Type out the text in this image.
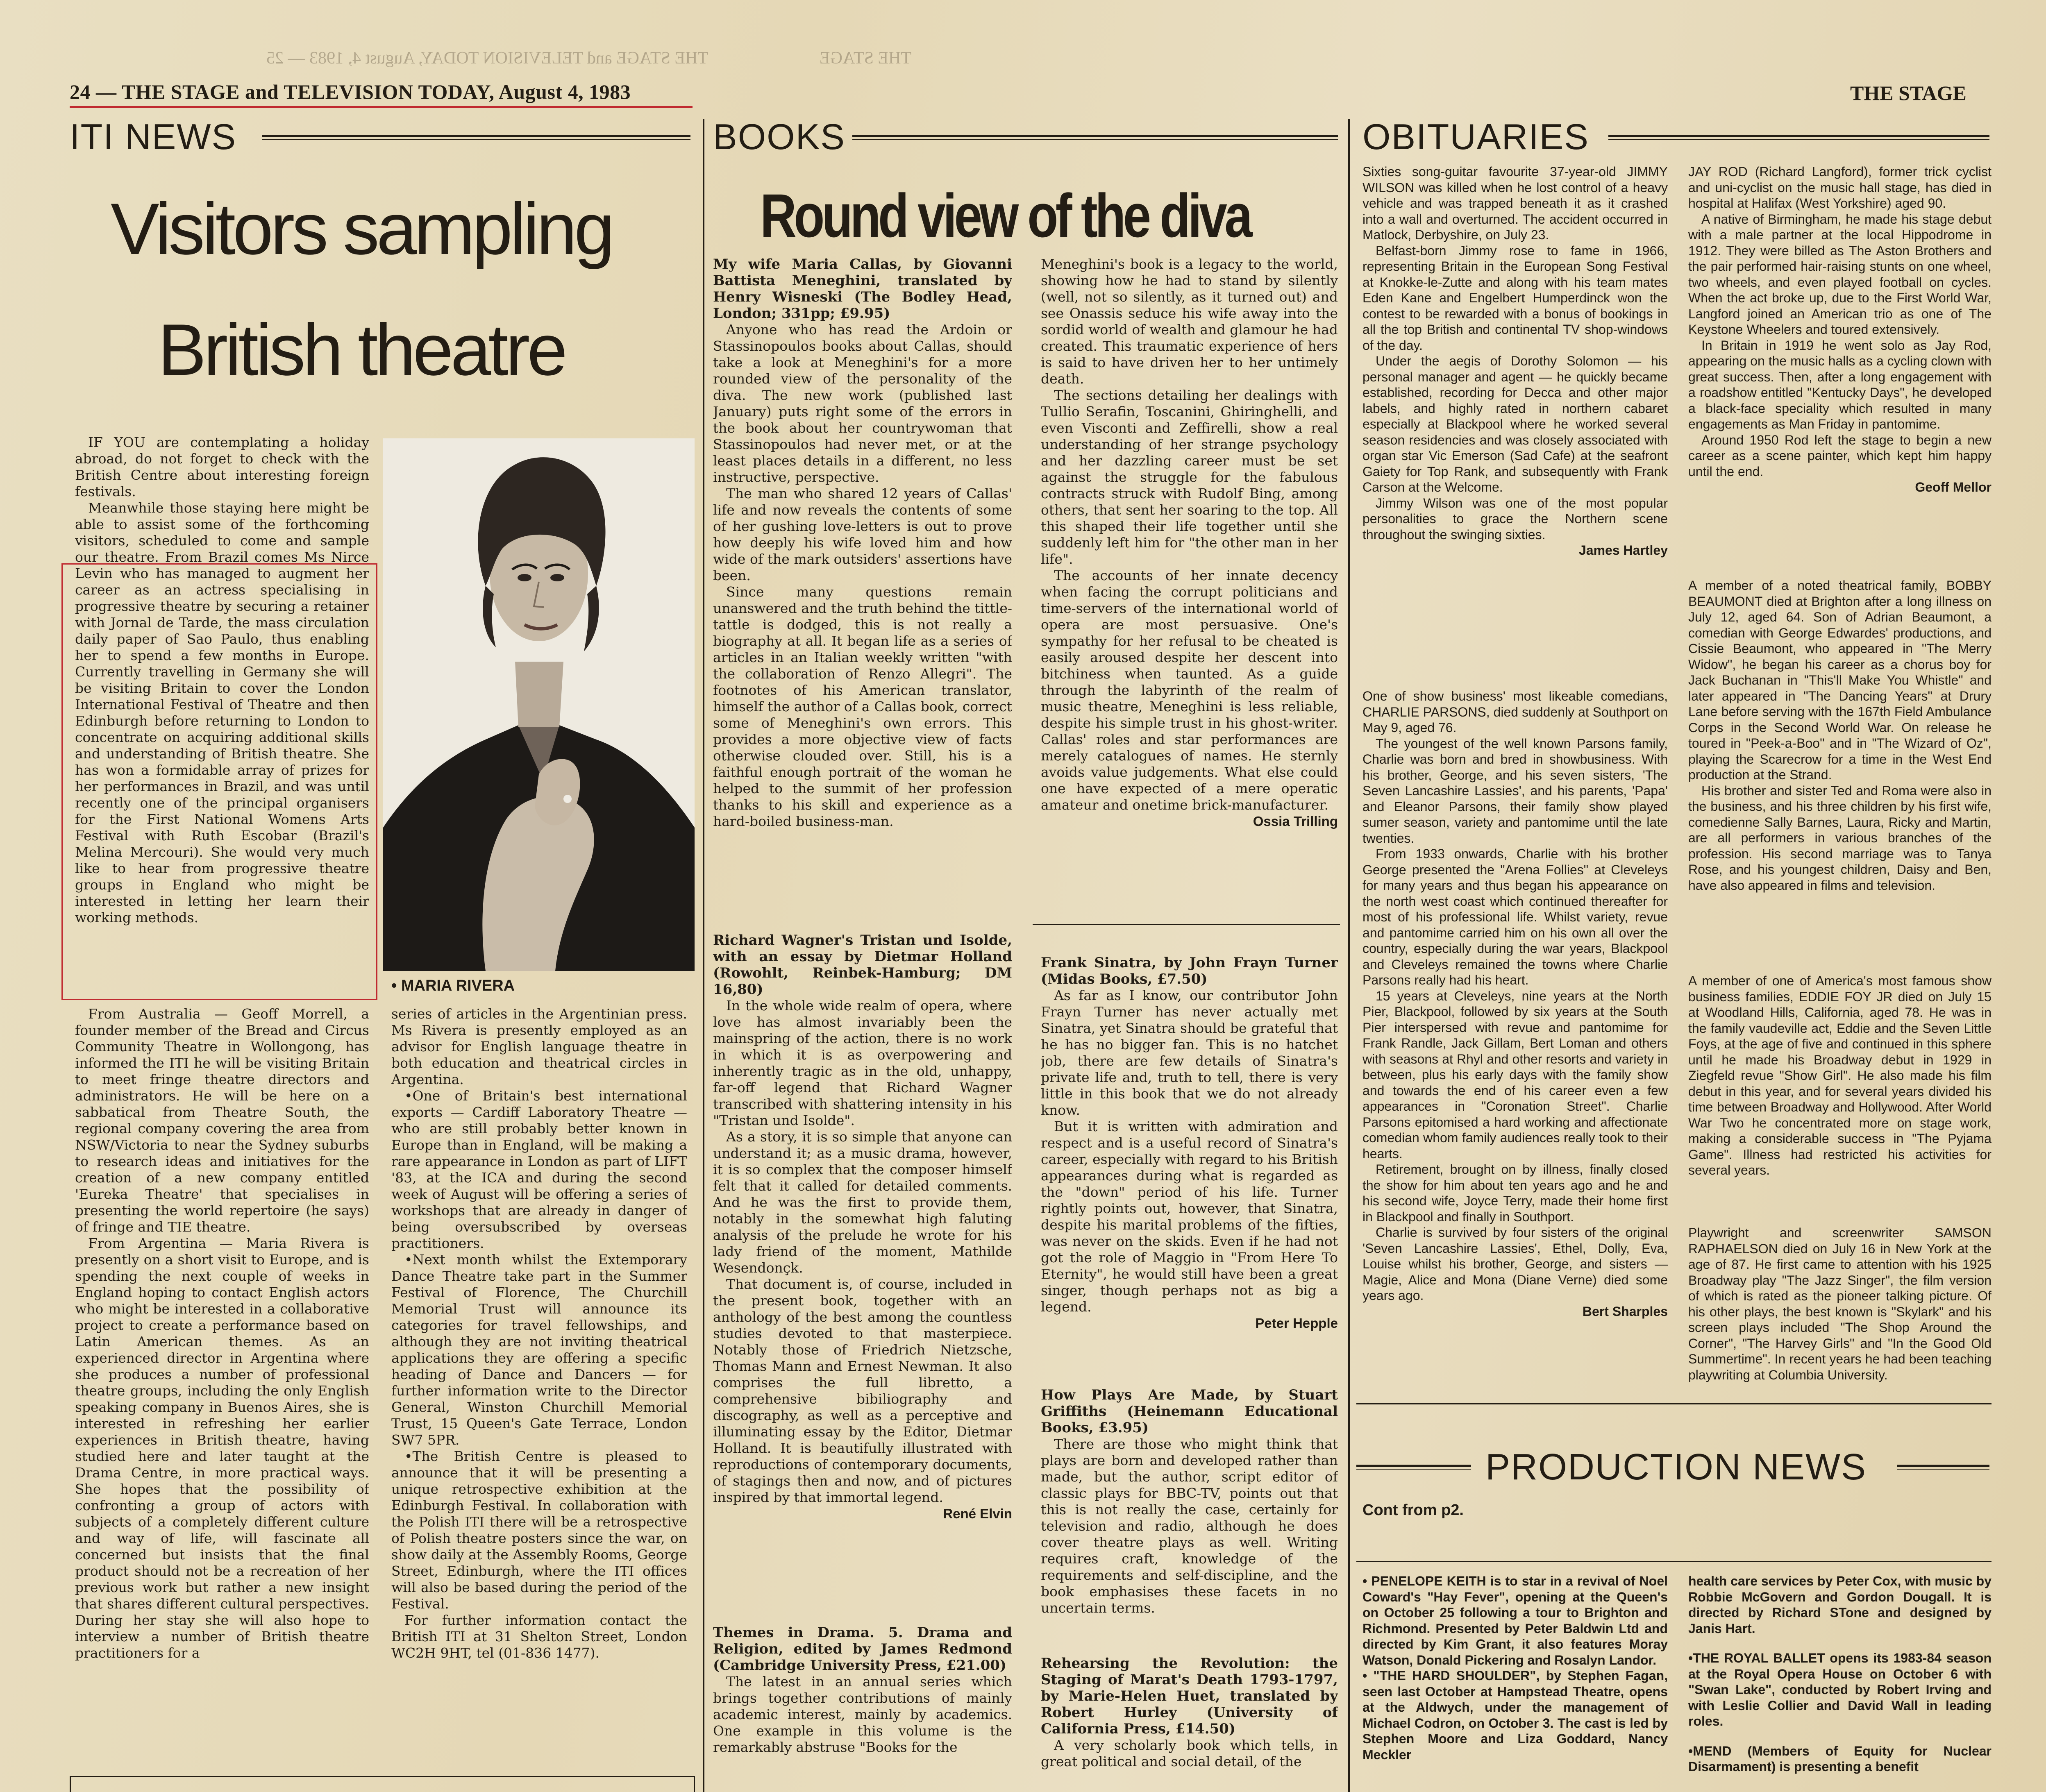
THE STAGE and TELEVISION TODAY, August 4, 1983 — 25	THE STAGE
24 — THE STAGE and TELEVISION TODAY, August 4, 1983	THE STAGE
ITI NEWS	BOOKS	OBITUARIES
Visitors sampling
British theatre

IF YOU are contemplating a holiday abroad, do not forget to check with the British Centre about interesting foreign festivals.

Meanwhile those staying here might be able to assist some of the forthcoming visitors, scheduled to come and sample our theatre. From Brazil comes Ms Nirce Levin who has managed to augment her career as an actress specialising in progressive theatre by securing a retainer with Jornal de Tarde, the mass circulation daily paper of Sao Paulo, thus enabling her to spend a few months in Europe. Currently travelling in Germany she will be visiting Britain to cover the London International Festival of Theatre and then Edinburgh before returning to London to concentrate on acquiring additional skills and understanding of British theatre. She has won a formidable array of prizes for her performances in Brazil, and was until recently one of the principal organisers for the First National Womens Arts Festival with Ruth Escobar (Brazil's Melina Mercouri). She would very much like to hear from progressive theatre groups in England who might be interested in letting her learn their working methods.

• MARIA RIVERA

From Australia — Geoff Morrell, a founder member of the Bread and Circus Community Theatre in Wollongong, has informed the ITI he will be visiting Britain to meet fringe theatre directors and administrators. He will be here on a sabbatical from Theatre South, the regional company covering the area from NSW/Victoria to near the Sydney suburbs to research ideas and initiatives for the creation of a new company entitled 'Eureka Theatre' that specialises in presenting the world repertoire (he says) of fringe and TIE theatre.

From Argentina — Maria Rivera is presently on a short visit to Europe, and is spending the next couple of weeks in England hoping to contact English actors who might be interested in a collaborative project to create a performance based on Latin American themes. As an experienced director in Argentina where she produces a number of professional theatre groups, including the only English speaking company in Buenos Aires, she is interested in refreshing her earlier experiences in British theatre, having studied here and later taught at the Drama Centre, in more practical ways. She hopes that the possibility of confronting a group of actors with subjects of a completely different culture and way of life, will fascinate all concerned but insists that the final product should not be a recreation of her previous work but rather a new insight that shares different cultural perspectives. During her stay she will also hope to interview a number of British theatre practitioners for a

series of articles in the Argentinian press. Ms Rivera is presently employed as an advisor for English language theatre in both education and theatrical circles in Argentina.

•One of Britain's best international exports — Cardiff Laboratory Theatre — who are still probably better known in Europe than in England, will be making a rare appearance in London as part of LIFT '83, at the ICA and during the second week of August will be offering a series of workshops that are already in danger of being oversubscribed by overseas practitioners.

•Next month whilst the Extemporary Dance Theatre take part in the Summer Festival of Florence, The Churchill Memorial Trust will announce its categories for travel fellowships, and although they are not inviting theatrical applications they are offering a specific heading of Dance and Dancers — for further information write to the Director General, Winston Churchill Memorial Trust, 15 Queen's Gate Terrace, London SW7 5PR.

•The British Centre is pleased to announce that it will be presenting a unique retrospective exhibition at the Edinburgh Festival. In collaboration with the Polish ITI there will be a retrospective of Polish theatre posters since the war, on show daily at the Assembly Rooms, George Street, Edinburgh, where the ITI offices will also be based during the period of the Festival.

For further information contact the British ITI at 31 Shelton Street, London WC2H 9HT, tel (01-836 1477).

Round view of the diva

My wife Maria Callas, by Giovanni Battista Meneghini, translated by Henry Wisneski (The Bodley Head, London; 331pp; £9.95)

Anyone who has read the Ardoin or Stassinopoulos books about Callas, should take a look at Meneghini's for a more rounded view of the personality of the diva. The new work (published last January) puts right some of the errors in the book about her countrywoman that Stassinopoulos had never met, or at the least places details in a different, no less instructive, perspective.

The man who shared 12 years of Callas' life and now reveals the contents of some of her gushing love-letters is out to prove how deeply his wife loved him and how wide of the mark outsiders' assertions have been.

Since many questions remain unanswered and the truth behind the tittle-tattle is dodged, this is not really a biography at all. It began life as a series of articles in an Italian weekly written "with the collaboration of Renzo Allegri". The footnotes of his American translator, himself the author of a Callas book, correct some of Meneghini's own errors. This provides a more objective view of facts otherwise clouded over. Still, his is a faithful enough portrait of the woman he helped to the summit of her profession thanks to his skill and experience as a hard-boiled business-man.

Meneghini's book is a legacy to the world, showing how he had to stand by silently (well, not so silently, as it turned out) and see Onassis seduce his wife away into the sordid world of wealth and glamour he had created. This traumatic experience of hers is said to have driven her to her untimely death.

The sections detailing her dealings with Tullio Serafin, Toscanini, Ghiringhelli, and even Visconti and Zeffirelli, show a real understanding of her strange psychology and her dazzling career must be set against the struggle for the fabulous contracts struck with Rudolf Bing, among others, that sent her soaring to the top. All this shaped their life together until she suddenly left him for "the other man in her life".

The accounts of her innate decency when facing the corrupt politicians and time-servers of the international world of opera are most persuasive. One's sympathy for her refusal to be cheated is easily aroused despite her descent into bitchiness when taunted. As a guide through the labyrinth of the realm of music theatre, Meneghini is less reliable, despite his simple trust in his ghost-writer. Callas' roles and star performances are merely catalogues of names. He sternly avoids value judgements. What else could one have expected of a mere operatic amateur and onetime brick-manufacturer.

Ossia Trilling

Richard Wagner's Tristan und Isolde, with an essay by Dietmar Holland (Rowohlt, Reinbek-Hamburg; DM 16,80)

In the whole wide realm of opera, where love has almost invariably been the mainspring of the action, there is no work in which it is as overpowering and inherently tragic as in the old, unhappy, far-off legend that Richard Wagner transcribed with shattering intensity in his "Tristan und Isolde".

As a story, it is so simple that anyone can understand it; as a music drama, however, it is so complex that the composer himself felt that it called for detailed comments. And he was the first to provide them, notably in the somewhat high faluting analysis of the prelude he wrote for his lady friend of the moment, Mathilde Wesendonçk.

That document is, of course, included in the present book, together with an anthology of the best among the countless studies devoted to that masterpiece. Notably those of Friedrich Nietzsche, Thomas Mann and Ernest Newman. It also comprises the full libretto, a comprehensive bibiliography and discography, as well as a perceptive and illuminating essay by the Editor, Dietmar Holland. It is beautifully illustrated with reproductions of contemporary documents, of stagings then and now, and of pictures inspired by that immortal legend.

René Elvin

Themes in Drama. 5. Drama and Religion, edited by James Redmond (Cambridge University Press, £21.00)

The latest in an annual series which brings together contributions of mainly academic interest, mainly by academics. One example in this volume is the remarkably abstruse "Books for the

Frank Sinatra, by John Frayn Turner (Midas Books, £7.50)

As far as I know, our contributor John Frayn Turner has never actually met Sinatra, yet Sinatra should be grateful that he has no bigger fan. This is no hatchet job, there are few details of Sinatra's private life and, truth to tell, there is very little in this book that we do not already know.

But it is written with admiration and respect and is a useful record of Sinatra's career, especially with regard to his British appearances during what is regarded as the "down" period of his life. Turner rightly points out, however, that Sinatra, despite his marital problems of the fifties, was never on the skids. Even if he had not got the role of Maggio in "From Here To Eternity", he would still have been a great singer, though perhaps not as big a legend.

Peter Hepple

How Plays Are Made, by Stuart Griffiths (Heinemann Educational Books, £3.95)

There are those who might think that plays are born and developed rather than made, but the author, script editor of classic plays for BBC-TV, points out that this is not really the case, certainly for television and radio, although he does cover theatre plays as well. Writing requires craft, knowledge of the requirements and self-discipline, and the book emphasises these facets in no uncertain terms.

Rehearsing the Revolution: the Staging of Marat's Death 1793-1797, by Marie-Helen Huet, translated by Robert Hurley (University of California Press, £14.50)

A very scholarly book which tells, in great political and social detail, of the

Sixties song-guitar favourite 37-year-old JIMMY WILSON was killed when he lost control of a heavy vehicle and was trapped beneath it as it crashed into a wall and overturned. The accident occurred in Matlock, Derbyshire, on July 23.

Belfast-born Jimmy rose to fame in 1966, representing Britain in the European Song Festival at Knokke-le-Zutte and along with his team mates Eden Kane and Engelbert Humperdinck won the contest to be rewarded with a bonus of bookings in all the top British and continental TV shop-windows of the day.

Under the aegis of Dorothy Solomon — his personal manager and agent — he quickly became established, recording for Decca and other major labels, and highly rated in northern cabaret especially at Blackpool where he worked several season residencies and was closely associated with organ star Vic Emerson (Sad Cafe) at the seafront Gaiety for Top Rank, and subsequently with Frank Carson at the Welcome.

Jimmy Wilson was one of the most popular personalities to grace the Northern scene throughout the swinging sixties.

James Hartley

One of show business' most likeable comedians, CHARLIE PARSONS, died suddenly at Southport on May 9, aged 76.

The youngest of the well known Parsons family, Charlie was born and bred in showbusiness. With his brother, George, and his seven sisters, 'The Seven Lancashire Lassies', and his parents, 'Papa' and Eleanor Parsons, their family show played sumer season, variety and pantomime until the late twenties.

From 1933 onwards, Charlie with his brother George presented the "Arena Follies" at Cleveleys for many years and thus began his appearance on the north west coast which continued thereafter for most of his professional life. Whilst variety, revue and pantomime carried him on his own all over the country, especially during the war years, Blackpool and Cleveleys remained the towns where Charlie Parsons really had his heart.

15 years at Cleveleys, nine years at the North Pier, Blackpool, followed by six years at the South Pier interspersed with revue and pantomime for Frank Randle, Jack Gillam, Bert Loman and others with seasons at Rhyl and other resorts and variety in between, plus his early days with the family show and towards the end of his career even a few appearances in "Coronation Street". Charlie Parsons epitomised a hard working and affectionate comedian whom family audiences really took to their hearts.

Retirement, brought on by illness, finally closed the show for him about ten years ago and he and his second wife, Joyce Terry, made their home first in Blackpool and finally in Southport.

Charlie is survived by four sisters of the original 'Seven Lancashire Lassies', Ethel, Dolly, Eva, Louise whilst his brother, George, and sisters — Magie, Alice and Mona (Diane Verne) died some years ago.

Bert Sharples

JAY ROD (Richard Langford), former trick cyclist and uni-cyclist on the music hall stage, has died in hospital at Halifax (West Yorkshire) aged 90.

A native of Birmingham, he made his stage debut with a male partner at the local Hippodrome in 1912. They were billed as The Aston Brothers and the pair performed hair-raising stunts on one wheel, two wheels, and even played football on cycles. When the act broke up, due to the First World War, Langford joined an American trio as one of The Keystone Wheelers and toured extensively.

In Britain in 1919 he went solo as Jay Rod, appearing on the music halls as a cycling clown with great success. Then, after a long engagement with a roadshow entitled "Kentucky Days", he developed a black-face speciality which resulted in many engagements as Man Friday in pantomime.

Around 1950 Rod left the stage to begin a new career as a scene painter, which kept him happy until the end.

Geoff Mellor

A member of a noted theatrical family, BOBBY BEAUMONT died at Brighton after a long illness on July 12, aged 64. Son of Adrian Beaumont, a comedian with George Edwardes' productions, and Cissie Beaumont, who appeared in "The Merry Widow", he began his career as a chorus boy for Jack Buchanan in "This'll Make You Whistle" and later appeared in "The Dancing Years" at Drury Lane before serving with the 167th Field Ambulance Corps in the Second World War. On release he toured in "Peek-a-Boo" and in "The Wizard of Oz", playing the Scarecrow for a time in the West End production at the Strand.

His brother and sister Ted and Roma were also in the business, and his three children by his first wife, comedienne Sally Barnes, Laura, Ricky and Martin, are all performers in various branches of the profession. His second marriage was to Tanya Rose, and his youngest children, Daisy and Ben, have also appeared in films and television.

A member of one of America's most famous show business families, EDDIE FOY JR died on July 15 at Woodland Hills, California, aged 78. He was in the family vaudeville act, Eddie and the Seven Little Foys, at the age of five and continued in this sphere until he made his Broadway debut in 1929 in Ziegfeld revue "Show Girl". He also made his film debut in this year, and for several years divided his time between Broadway and Hollywood. After World War Two he concentrated more on stage work, making a considerable success in "The Pyjama Game". Illness had restricted his activities for several years.

Playwright and screenwriter SAMSON RAPHAELSON died on July 16 in New York at the age of 87. He first came to attention with his 1925 Broadway play "The Jazz Singer", the film version of which is rated as the pioneer talking picture. Of his other plays, the best known is "Skylark" and his screen plays included "The Shop Around the Corner", "The Harvey Girls" and "In the Good Old Summertime". In recent years he had been teaching playwriting at Columbia University.

PRODUCTION NEWS
Cont from p2.

• PENELOPE KEITH is to star in a revival of Noel Coward's "Hay Fever", opening at the Queen's on October 25 following a tour to Brighton and Richmond. Presented by Peter Baldwin Ltd and directed by Kim Grant, it also features Moray Watson, Donald Pickering and Rosalyn Landor.

• "THE HARD SHOULDER", by Stephen Fagan, seen last October at Hampstead Theatre, opens at the Aldwych, under the management of Michael Codron, on October 3. The cast is led by Stephen Moore and Liza Goddard, Nancy Meckler

health care services by Peter Cox, with music by Robbie McGovern and Gordon Dougall. It is directed by Richard STone and designed by Janis Hart.

•THE ROYAL BALLET opens its 1983-84 season at the Royal Opera House on October 6 with "Swan Lake", conducted by Robert Irving and with Leslie Collier and David Wall in leading roles.

•MEND (Members of Equity for Nuclear Disarmament) is presenting a benefit
